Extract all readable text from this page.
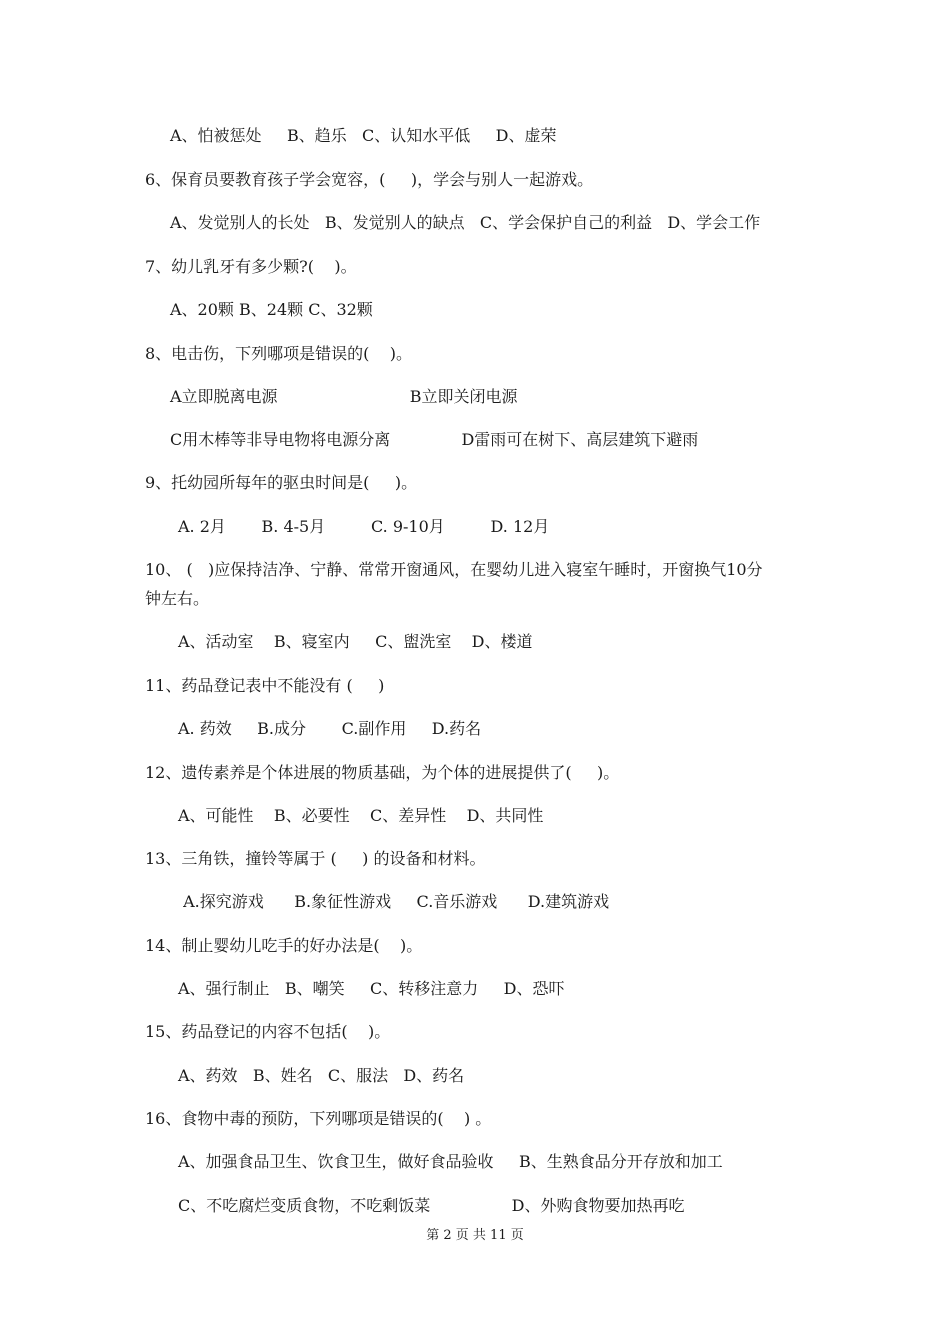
A、怕被惩处     B、趋乐   C、认知水平低     D、虚荣
6、保育员要教育孩子学会宽容，(     )，学会与别人一起游戏。
A、发觉别人的长处   B、发觉别人的缺点   C、学会保护自己的利益   D、学会工作
7、幼儿乳牙有多少颗?(    )。
A、20颗 B、24颗 C、32颗
8、电击伤，下列哪项是错误的(    )。
A立即脱离电源                          B立即关闭电源
C用木棒等非导电物将电源分离              D雷雨可在树下、高层建筑下避雨
9、托幼园所每年的驱虫时间是(     )。
A. 2月       B. 4-5月         C. 9-10月         D. 12月
10、 (   )应保持洁净、宁静、常常开窗通风，在婴幼儿进入寝室午睡时，开窗换气10分
钟左右。
A、活动室    B、寝室内     C、盥洗室    D、楼道
11、药品登记表中不能没有 (     )
A. 药效     B.成分       C.副作用     D.药名
12、遗传素养是个体进展的物质基础，为个体的进展提供了(     )。
A、可能性    B、必要性    C、差异性    D、共同性
13、三角铁，撞铃等属于 (     ) 的设备和材料。
A.探究游戏      B.象征性游戏     C.音乐游戏      D.建筑游戏
14、制止婴幼儿吃手的好办法是(    )。
A、强行制止   B、嘲笑     C、转移注意力     D、恐吓
15、药品登记的内容不包括(    )。
A、药效   B、姓名   C、服法   D、药名
16、食物中毒的预防，下列哪项是错误的(    ) 。
A、加强食品卫生、饮食卫生，做好食品验收     B、生熟食品分开存放和加工
C、不吃腐烂变质食物，不吃剩饭菜                D、外购食物要加热再吃
第 2 页 共 11 页
